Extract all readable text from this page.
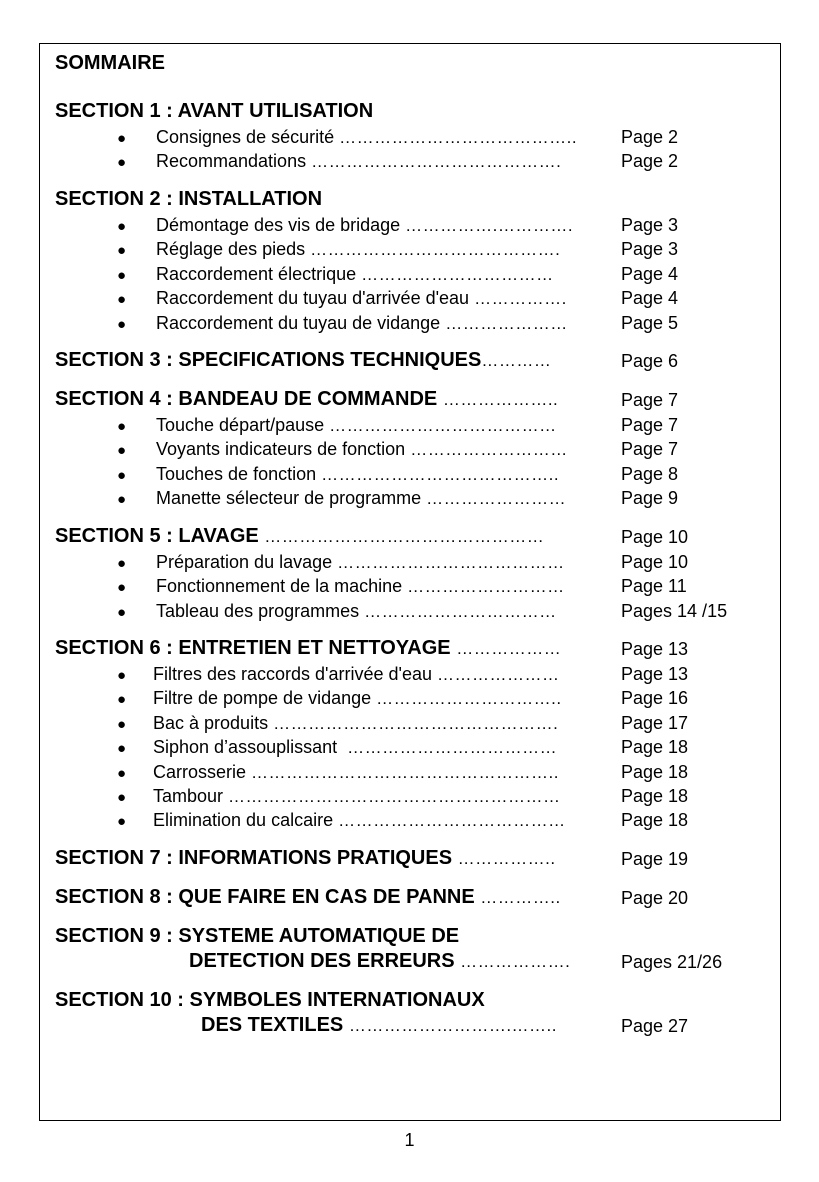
SOMMAIRE
SECTION 1 : AVANT UTILISATION
● Consignes de sécurité ………………………………….. Page 2
● Recommandations …………………………………….	Page 2
SECTION 2 : INSTALLATION
● Démontage des vis de bridage …………….………….	Page 3
● Réglage des pieds …………………………………….	Page 3
● Raccordement électrique ……………………………	Page 4
● Raccordement du tuyau d'arrivée d'eau …………….	Page 4
● Raccordement du tuyau de vidange …………………	Page 5
SECTION 3 : SPECIFICATIONS TECHNIQUES…………	Page 6
SECTION 4 : BANDEAU DE COMMANDE ………………..	Page 7
● Touche départ/pause …………………………………	Page 7
● Voyants indicateurs de fonction ………………………	Page 7
● Touches de fonction …………………………………..	Page 8
● Manette sélecteur de programme ……………………	Page 9
SECTION 5 : LAVAGE …………………………………………	Page 10
● Préparation du lavage …………………………………	Page 10
● Fonctionnement de la machine ………………………	Page 11
● Tableau des programmes ……………………………	Pages 14 /15
SECTION 6 : ENTRETIEN ET NETTOYAGE ………………	Page 13
● Filtres des raccords d'arrivée d'eau …………………	Page 13
● Filtre de pompe de vidange …………………………..	Page 16
● Bac à produits ………………………………………….	Page 17
● Siphon d’assouplissant ………………………………	Page 18
● Carrosserie ……………………………………………..	Page 18
● Tambour …………………………………………………	Page 18
● Elimination du calcaire …………………………………	Page 18
SECTION 7 : INFORMATIONS PRATIQUES ……………..	Page 19
SECTION 8 : QUE FAIRE EN CAS DE PANNE …………..	Page 20
SECTION 9 : SYSTEME AUTOMATIQUE DE
DETECTION DES ERREURS ……………….	Pages 21/26
SECTION 10 : SYMBOLES INTERNATIONAUX
DES TEXTILES ……………………….……..	Page 27
1
